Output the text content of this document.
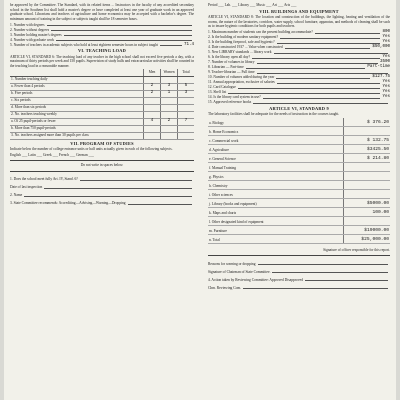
be approved by the Committee. The Standard, with its related items ... Instructors in the faculty of any accredited secondary school in the Southern list shall hold a master's degree or have completed at least one year of graduate work in an approved graduate school. Librarians and teachers of agriculture and home economics may be accepted with a bachelor's degree. The minimum amount of training in the subject or subjects taught shall be 18 semester hours.

1. Number with degrees
2. Number without degrees
3. Number holding master's degrees
4. Number with graduate work
5. Number of teachers in academic subjects who hold at least eighteen semester hours in subject taught	71.4
VI. TEACHING LOAD

ARTICLE VI, STANDARD 6: The teaching load of any teacher in the high school shall not exceed five periods a day, with a maximum of thirty periods per week and 150 pupils. Supervision of study halls and extracurricular activities shall be counted in the teaching load in a reasonable manner.

	Men	Women	Total
1. Number teaching daily			
a. Fewer than 4 periods	2	3	5
b. Five periods	2	1	3
c. Six periods			
d. More than six periods			
2. No. teachers teaching weekly			
a. Of 25 pupil-periods or fewer	4	2	7
b. More than 750 pupil-periods			
3. No. teachers assigned more than 30 pupils per class			
VII. PROGRAM OF STUDIES

Indicate below the number of college entrance units or half units actually given in each of the following subjects.

English ___ Latin ___ Greek ___ French ___ German ___

Do not write in spaces below.
1. Does the school meet fully Art. IV, Stand. 6?
Date of last inspection
2. Name
3. State Committee recommends: Accrediting—Advising—Warning—Dropping

Period ___ Lab. ___ Library ___ Music ___ Art ___ Arts ___

VIII. BUILDINGS AND EQUIPMENT

ARTICLE VI, STANDARD 8: The location and construction of the buildings, the lighting, heating and ventilation of the rooms, the nature of the lavatories, corridors, water supply, school furniture, apparatus, and methods of cleaning shall be such as to insure hygienic conditions for both pupils and teachers.

1. Maximum number of students can the present building accommodate?	800
2. Is the building of modern sanitary equipment?	Yes
3. Is the building fireproof, safe and hygienic?	Yes
4. Date constructed 1937 ... Value when constructed	$50,000
5. New LIBRARY standards ... library work
6. Is the library open all day?	Yes
7. Number of volumes in library	3500
8. Librarian — Part-time	Part-time
9. Teacher-librarian — Full time
10. Number of volumes added during the year	$127.75
11. Annual appropriation, exclusive of salaries	Yes
12. Card Catalogue	Yes
13. Shelf list	Yes
14. Is the library card system in use?	Yes
15. Approved reference books
ARTICLE VI, STANDARD 9

The laboratory facilities shall be adequate for the needs of instruction in the courses taught.

a. Biology	$ 376.20
b. Home Economics	
c. Commercial work	$ 132.75
d. Agriculture	$3425.50
e. General Science	$ 214.80
f. Manual Training	
g. Physics	
h. Chemistry	
i. Other sciences	
j. Library (books and equipment)	$5000.00
k. Maps and charts	100.00
l. Other designated kind of equipment	
m. Furniture	$19000.00
n. Total	$25,000.00
Signature of officer responsible for this report.
Reasons for warning or dropping
Signature of Chairman of State Committee.
4. Action taken by Reviewing Committee: Approved Disapproved
Chm. Reviewing Com.
